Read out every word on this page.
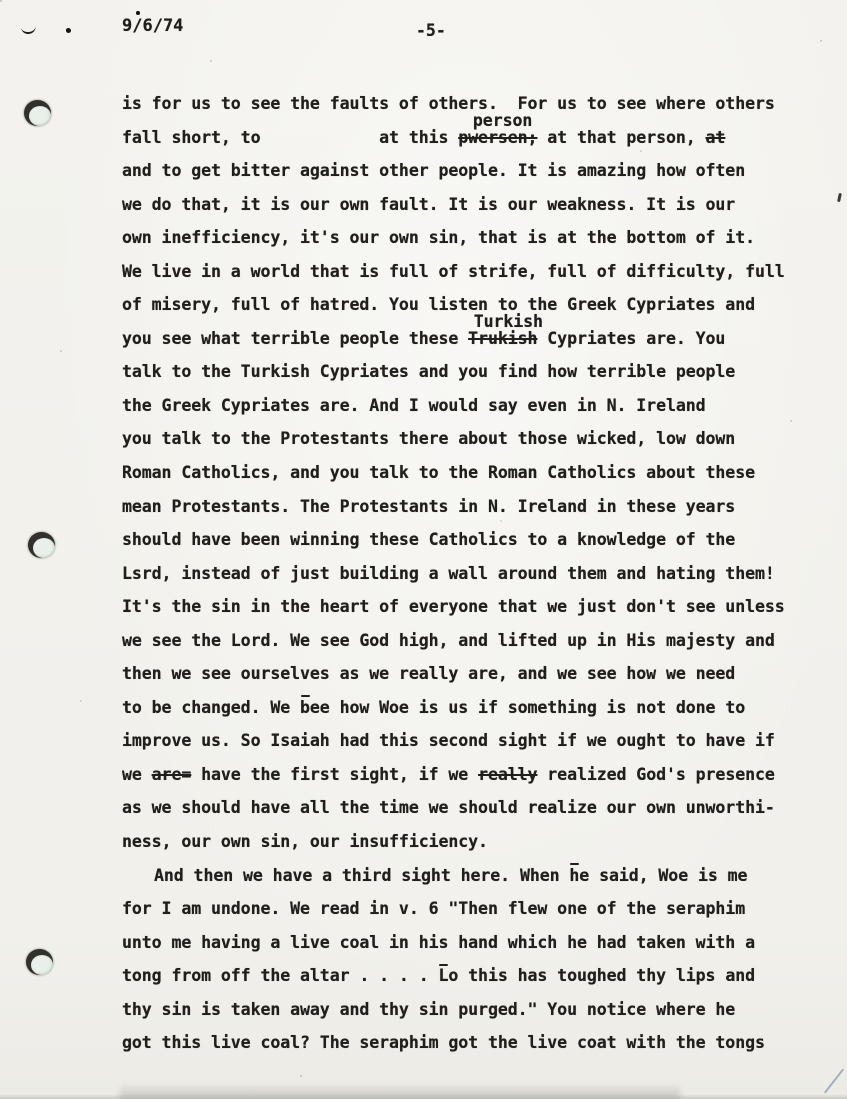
9/6/74	-5-
is for us to see the faults of others.  For us to see where others
fall short, to            at this
person
pwersen; at that person, at
and to get bitter against other people. It is amazing how often
we do that, it is our own fault. It is our weakness. It is our
own inefficiency, it's our own sin, that is at the bottom of it.
We live in a world that is full of strife, full of difficulty, full
of misery, full of hatred. You listen to the Greek Cypriates and
you see what terrible people these
Turkish
Trukish Cypriates are. You
talk to the Turkish Cypriates and you find how terrible people
the Greek Cypriates are. And I would say even in N. Ireland
you talk to the Protestants there about those wicked, low down
Roman Catholics, and you talk to the Roman Catholics about these
mean Protestants. The Protestants in N. Ireland in these years
should have been winning these Catholics to a knowledge of the
Lsrd, instead of just building a wall around them and hating them!
It's the sin in the heart of everyone that we just don't see unless
we see the Lord. We see God high, and lifted up in His majesty and
then we see ourselves as we really are, and we see how we need
to be changed. We bee how Woe is us if something is not done to
improve us. So Isaiah had this second sight if we ought to have if
we are= have the first sight, if we really realized God's presence
as we should have all the time we should realize our own unworthi-
ness, our own sin, our insufficiency.
And then we have a third sight here. When he said, Woe is me
for I am undone. We read in v. 6 "Then flew one of the seraphim
unto me having a live coal in his hand which he had taken with a
tong from off the altar . . . . Lo this has toughed thy lips and
thy sin is taken away and thy sin purged." You notice where he
got this live coal? The seraphim got the live coat with the tongs
